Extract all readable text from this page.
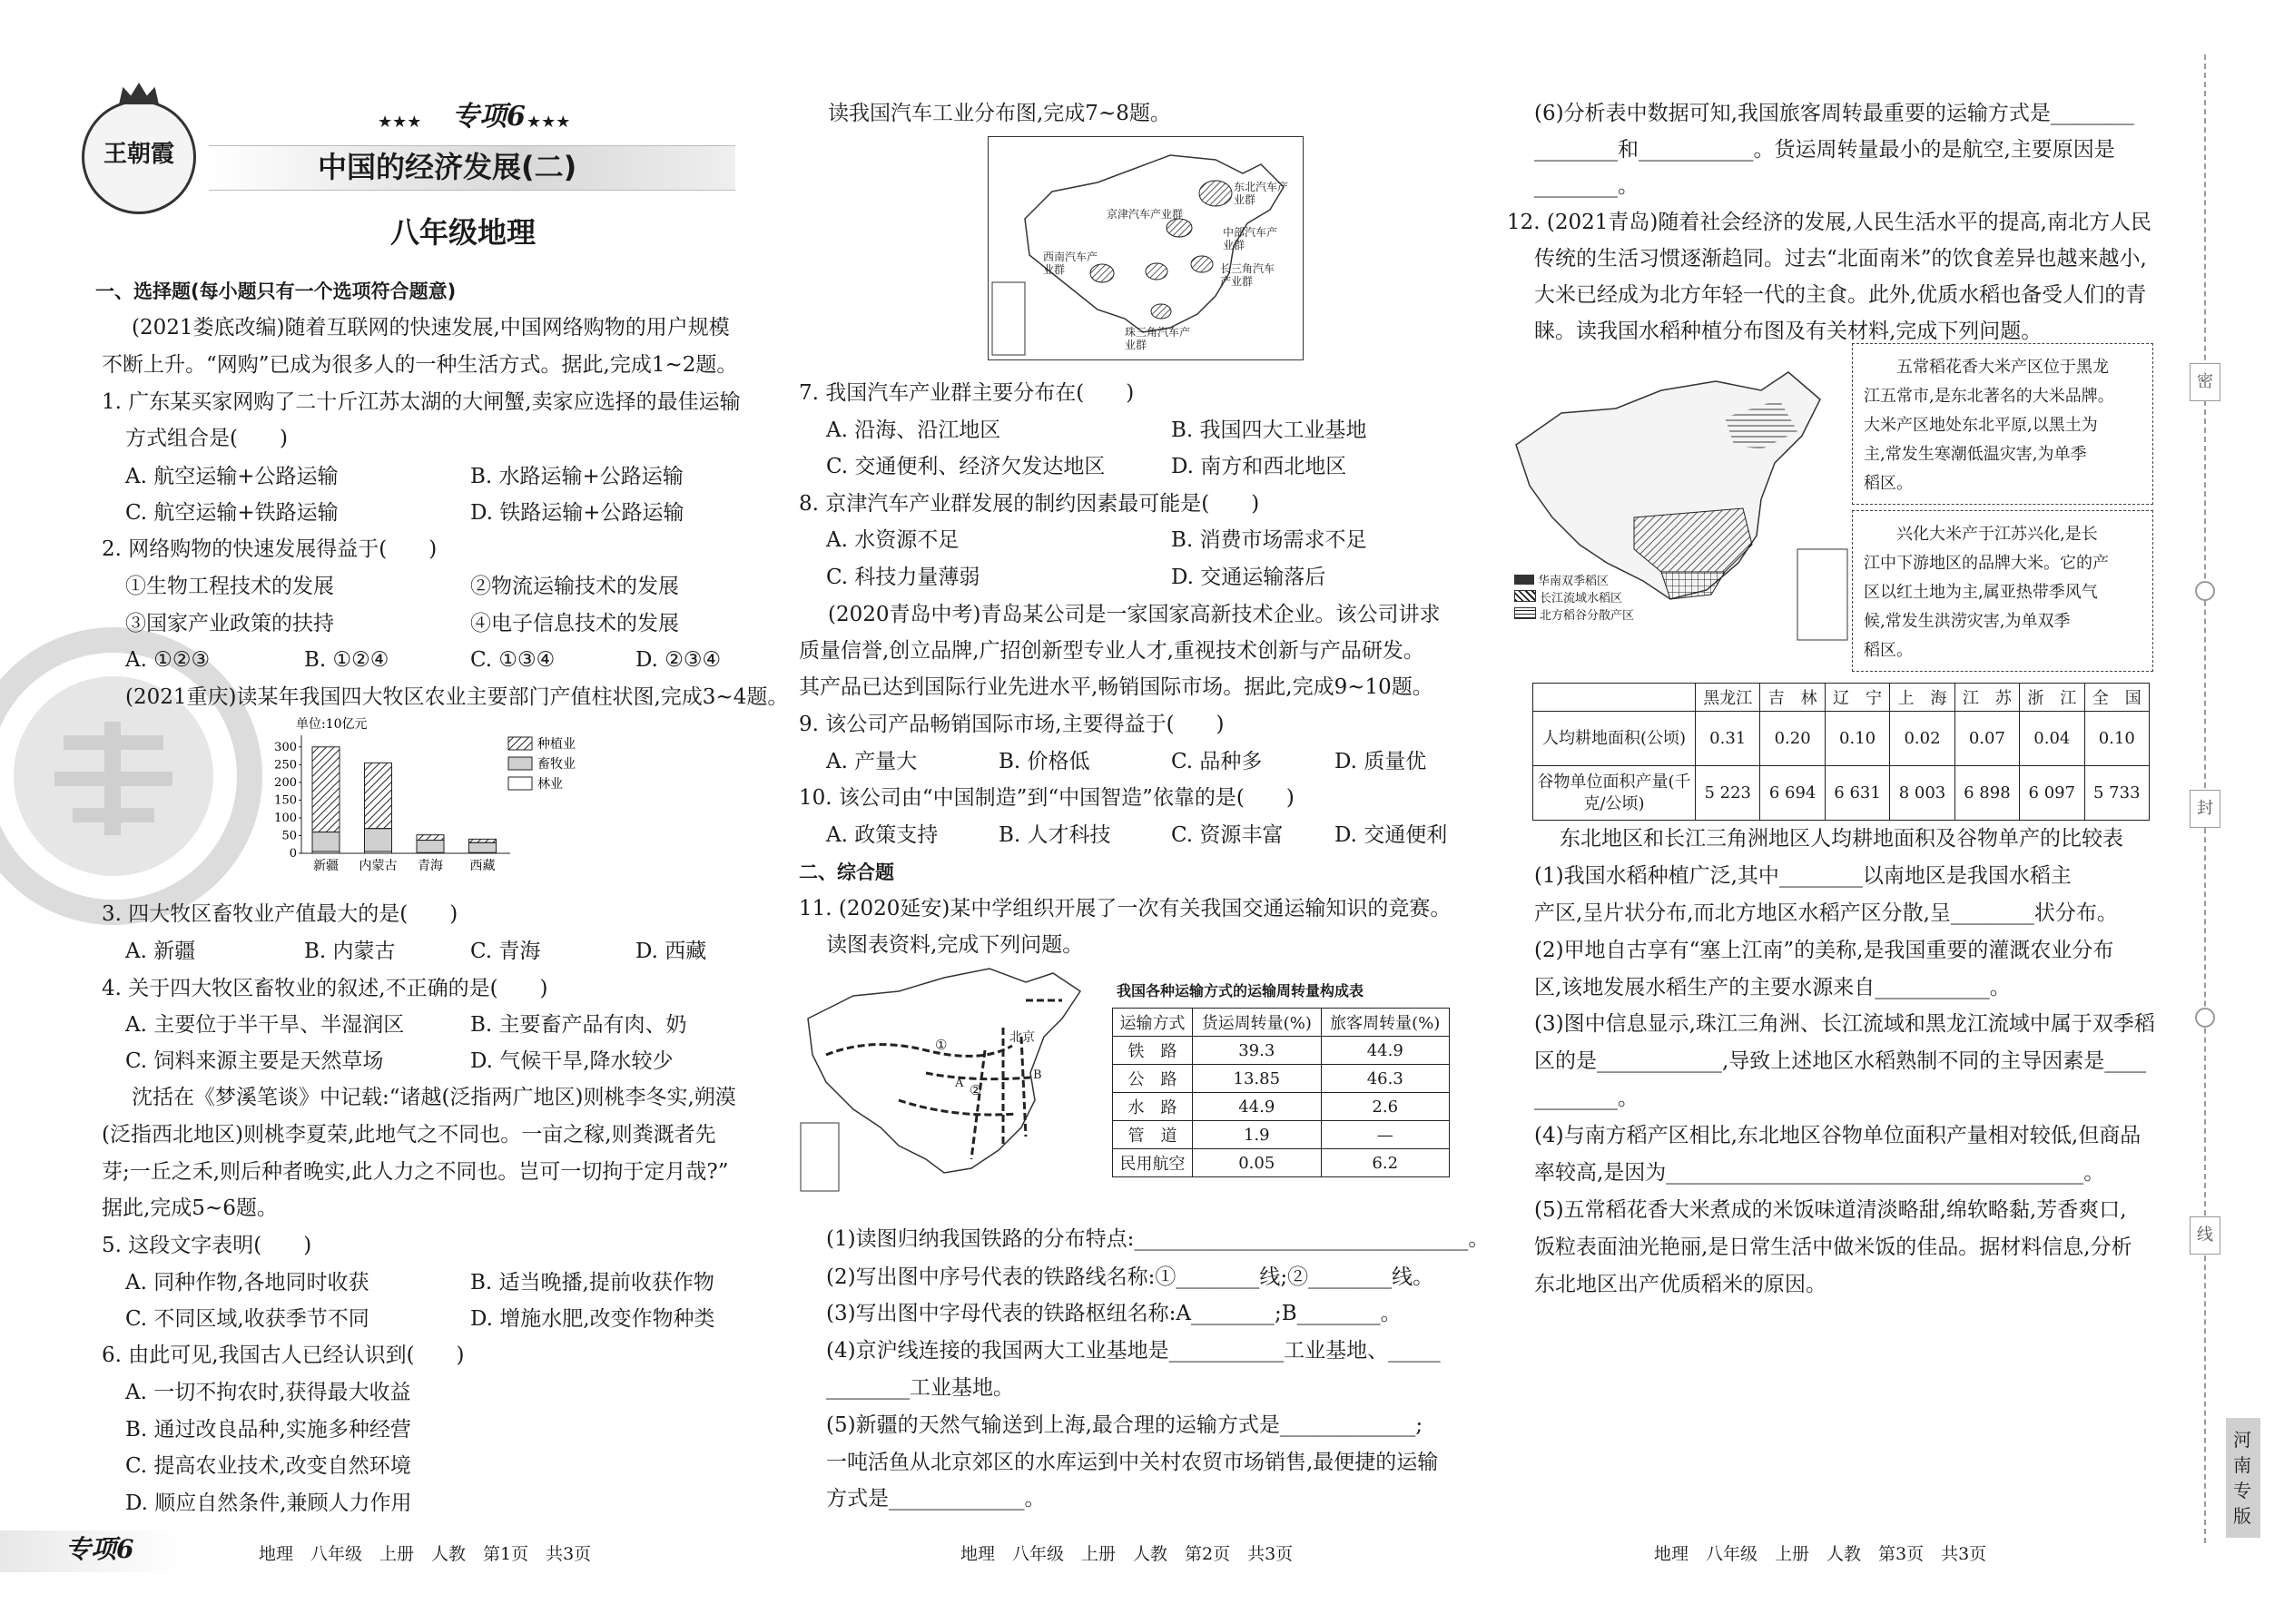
王朝霞
★★★ 专项6 ★★★
中国的经济发展(二)
八年级地理
一、选择题(每小题只有一个选项符合题意)
(2021娄底改编)随着互联网的快速发展,中国网络购物的用户规模
不断上升。“网购”已成为很多人的一种生活方式。据此,完成1~2题。
1. 广东某买家网购了二十斤江苏太湖的大闸蟹,卖家应选择的最佳运输
方式组合是(　　)
A. 航空运输+公路运输	B. 水路运输+公路运输
C. 航空运输+铁路运输	D. 铁路运输+公路运输
2. 网络购物的快速发展得益于(　　)
①生物工程技术的发展	②物流运输技术的发展
③国家产业政策的扶持	④电子信息技术的发展
A. ①②③	B. ①②④	C. ①③④	D. ②③④
(2021重庆)读某年我国四大牧区农业主要部门产值柱状图,完成3~4题。
单位:10亿元
0
50
100
150
200
250
300
新疆 内蒙古 青海 西藏
种植业
畜牧业
林业
3. 四大牧区畜牧业产值最大的是(　　)
A. 新疆	B. 内蒙古	C. 青海	D. 西藏
4. 关于四大牧区畜牧业的叙述,不正确的是(　　)
A. 主要位于半干旱、半湿润区	B. 主要畜产品有肉、奶
C. 饲料来源主要是天然草场	D. 气候干旱,降水较少
沈括在《梦溪笔谈》中记载:“诸越(泛指两广地区)则桃李冬实,朔漠
(泛指西北地区)则桃李夏荣,此地气之不同也。一亩之稼,则粪溉者先
芽;一丘之禾,则后种者晚实,此人力之不同也。岂可一切拘于定月哉?”
据此,完成5~6题。
5. 这段文字表明(　　)
A. 同种作物,各地同时收获	B. 适当晚播,提前收获作物
C. 不同区域,收获季节不同	D. 增施水肥,改变作物种类
6. 由此可见,我国古人已经认识到(　　)
A. 一切不拘农时,获得最大收益
B. 通过改良品种,实施多种经营
C. 提高农业技术,改变自然环境
D. 顺应自然条件,兼顾人力作用
专项6	地理　八年级　上册　人教　第1页　共3页
读我国汽车工业分布图,完成7~8题。
东北汽车产业群
京津汽车产业群
中部汽车产业群
西南汽车产业群	长三角汽车产业群
珠三角汽车产业群
7. 我国汽车产业群主要分布在(　　)
A. 沿海、沿江地区	B. 我国四大工业基地
C. 交通便利、经济欠发达地区	D. 南方和西北地区
8. 京津汽车产业群发展的制约因素最可能是(　　)
A. 水资源不足	B. 消费市场需求不足
C. 科技力量薄弱	D. 交通运输落后
(2020青岛中考)青岛某公司是一家国家高新技术企业。该公司讲求
质量信誉,创立品牌,广招创新型专业人才,重视技术创新与产品研发。
其产品已达到国际行业先进水平,畅销国际市场。据此,完成9~10题。
9. 该公司产品畅销国际市场,主要得益于(　　)
A. 产量大	B. 价格低	C. 品种多	D. 质量优
10. 该公司由“中国制造”到“中国智造”依靠的是(　　)
A. 政策支持	B. 人才科技	C. 资源丰富 D. 交通便利
二、综合题
11. (2020延安)某中学组织开展了一次有关我国交通运输知识的竞赛。
读图表资料,完成下列问题。
北京
①
②
A
B
我国各种运输方式的运输周转量构成表
运输方式	货运周转量(%)	旅客周转量(%)
铁　路	39.3	44.9
公　路	13.85	46.3
水　路	44.9	2.6
管　道	1.9	—
民用航空	0.05	6.2
(1)读图归纳我国铁路的分布特点:________________________________。
(2)写出图中序号代表的铁路线名称:①________线;②________线。
(3)写出图中字母代表的铁路枢纽名称:A________;B________。
(4)京沪线连接的我国两大工业基地是___________工业基地、_____
________工业基地。
(5)新疆的天然气输送到上海,最合理的运输方式是_____________;
一吨活鱼从北京郊区的水库运到中关村农贸市场销售,最便捷的运输
方式是_____________。
地理　八年级　上册　人教　第2页　共3页
(6)分析表中数据可知,我国旅客周转最重要的运输方式是________
________和___________。货运周转量最小的是航空,主要原因是
________。
12. (2021青岛)随着社会经济的发展,人民生活水平的提高,南北方人民
传统的生活习惯逐渐趋同。过去“北面南米”的饮食差异也越来越小,
大米已经成为北方年轻一代的主食。此外,优质水稻也备受人们的青
睐。读我国水稻种植分布图及有关材料,完成下列问题。
华南双季稻区
长江流域水稻区
北方稻谷分散产区
五常稻花香大米产区位于黑龙
江五常市,是东北著名的大米品牌。
大米产区地处东北平原,以黑土为
主,常发生寒潮低温灾害,为单季
稻区。
兴化大米产于江苏兴化,是长
江中下游地区的品牌大米。它的产
区以红土地为主,属亚热带季风气
候,常发生洪涝灾害,为单双季
稻区。
	黑龙江	吉　林	辽　宁	上　海	江　苏	浙　江	全　国
人均耕地面积(公顷)	0.31	0.20	0.10	0.02	0.07	0.04	0.10
谷物单位面积产量(千克/公顷)	5 223	6 694	6 631	8 003	6 898	6 097	5 733
东北地区和长江三角洲地区人均耕地面积及谷物单产的比较表
(1)我国水稻种植广泛,其中________以南地区是我国水稻主
产区,呈片状分布,而北方地区水稻产区分散,呈________状分布。
(2)甲地自古享有“塞上江南”的美称,是我国重要的灌溉农业分布
区,该地发展水稻生产的主要水源来自___________。
(3)图中信息显示,珠江三角洲、长江流域和黑龙江流域中属于双季稻
区的是____________,导致上述地区水稻熟制不同的主导因素是____
________。
(4)与南方稻产区相比,东北地区谷物单位面积产量相对较低,但商品
率较高,是因为________________________________________。
(5)五常稻花香大米煮成的米饭味道清淡略甜,绵软略黏,芳香爽口,
饭粒表面油光艳丽,是日常生活中做米饭的佳品。据材料信息,分析
东北地区出产优质稻米的原因。
地理　八年级　上册　人教　第3页　共3页
密
封
线
河南专版
